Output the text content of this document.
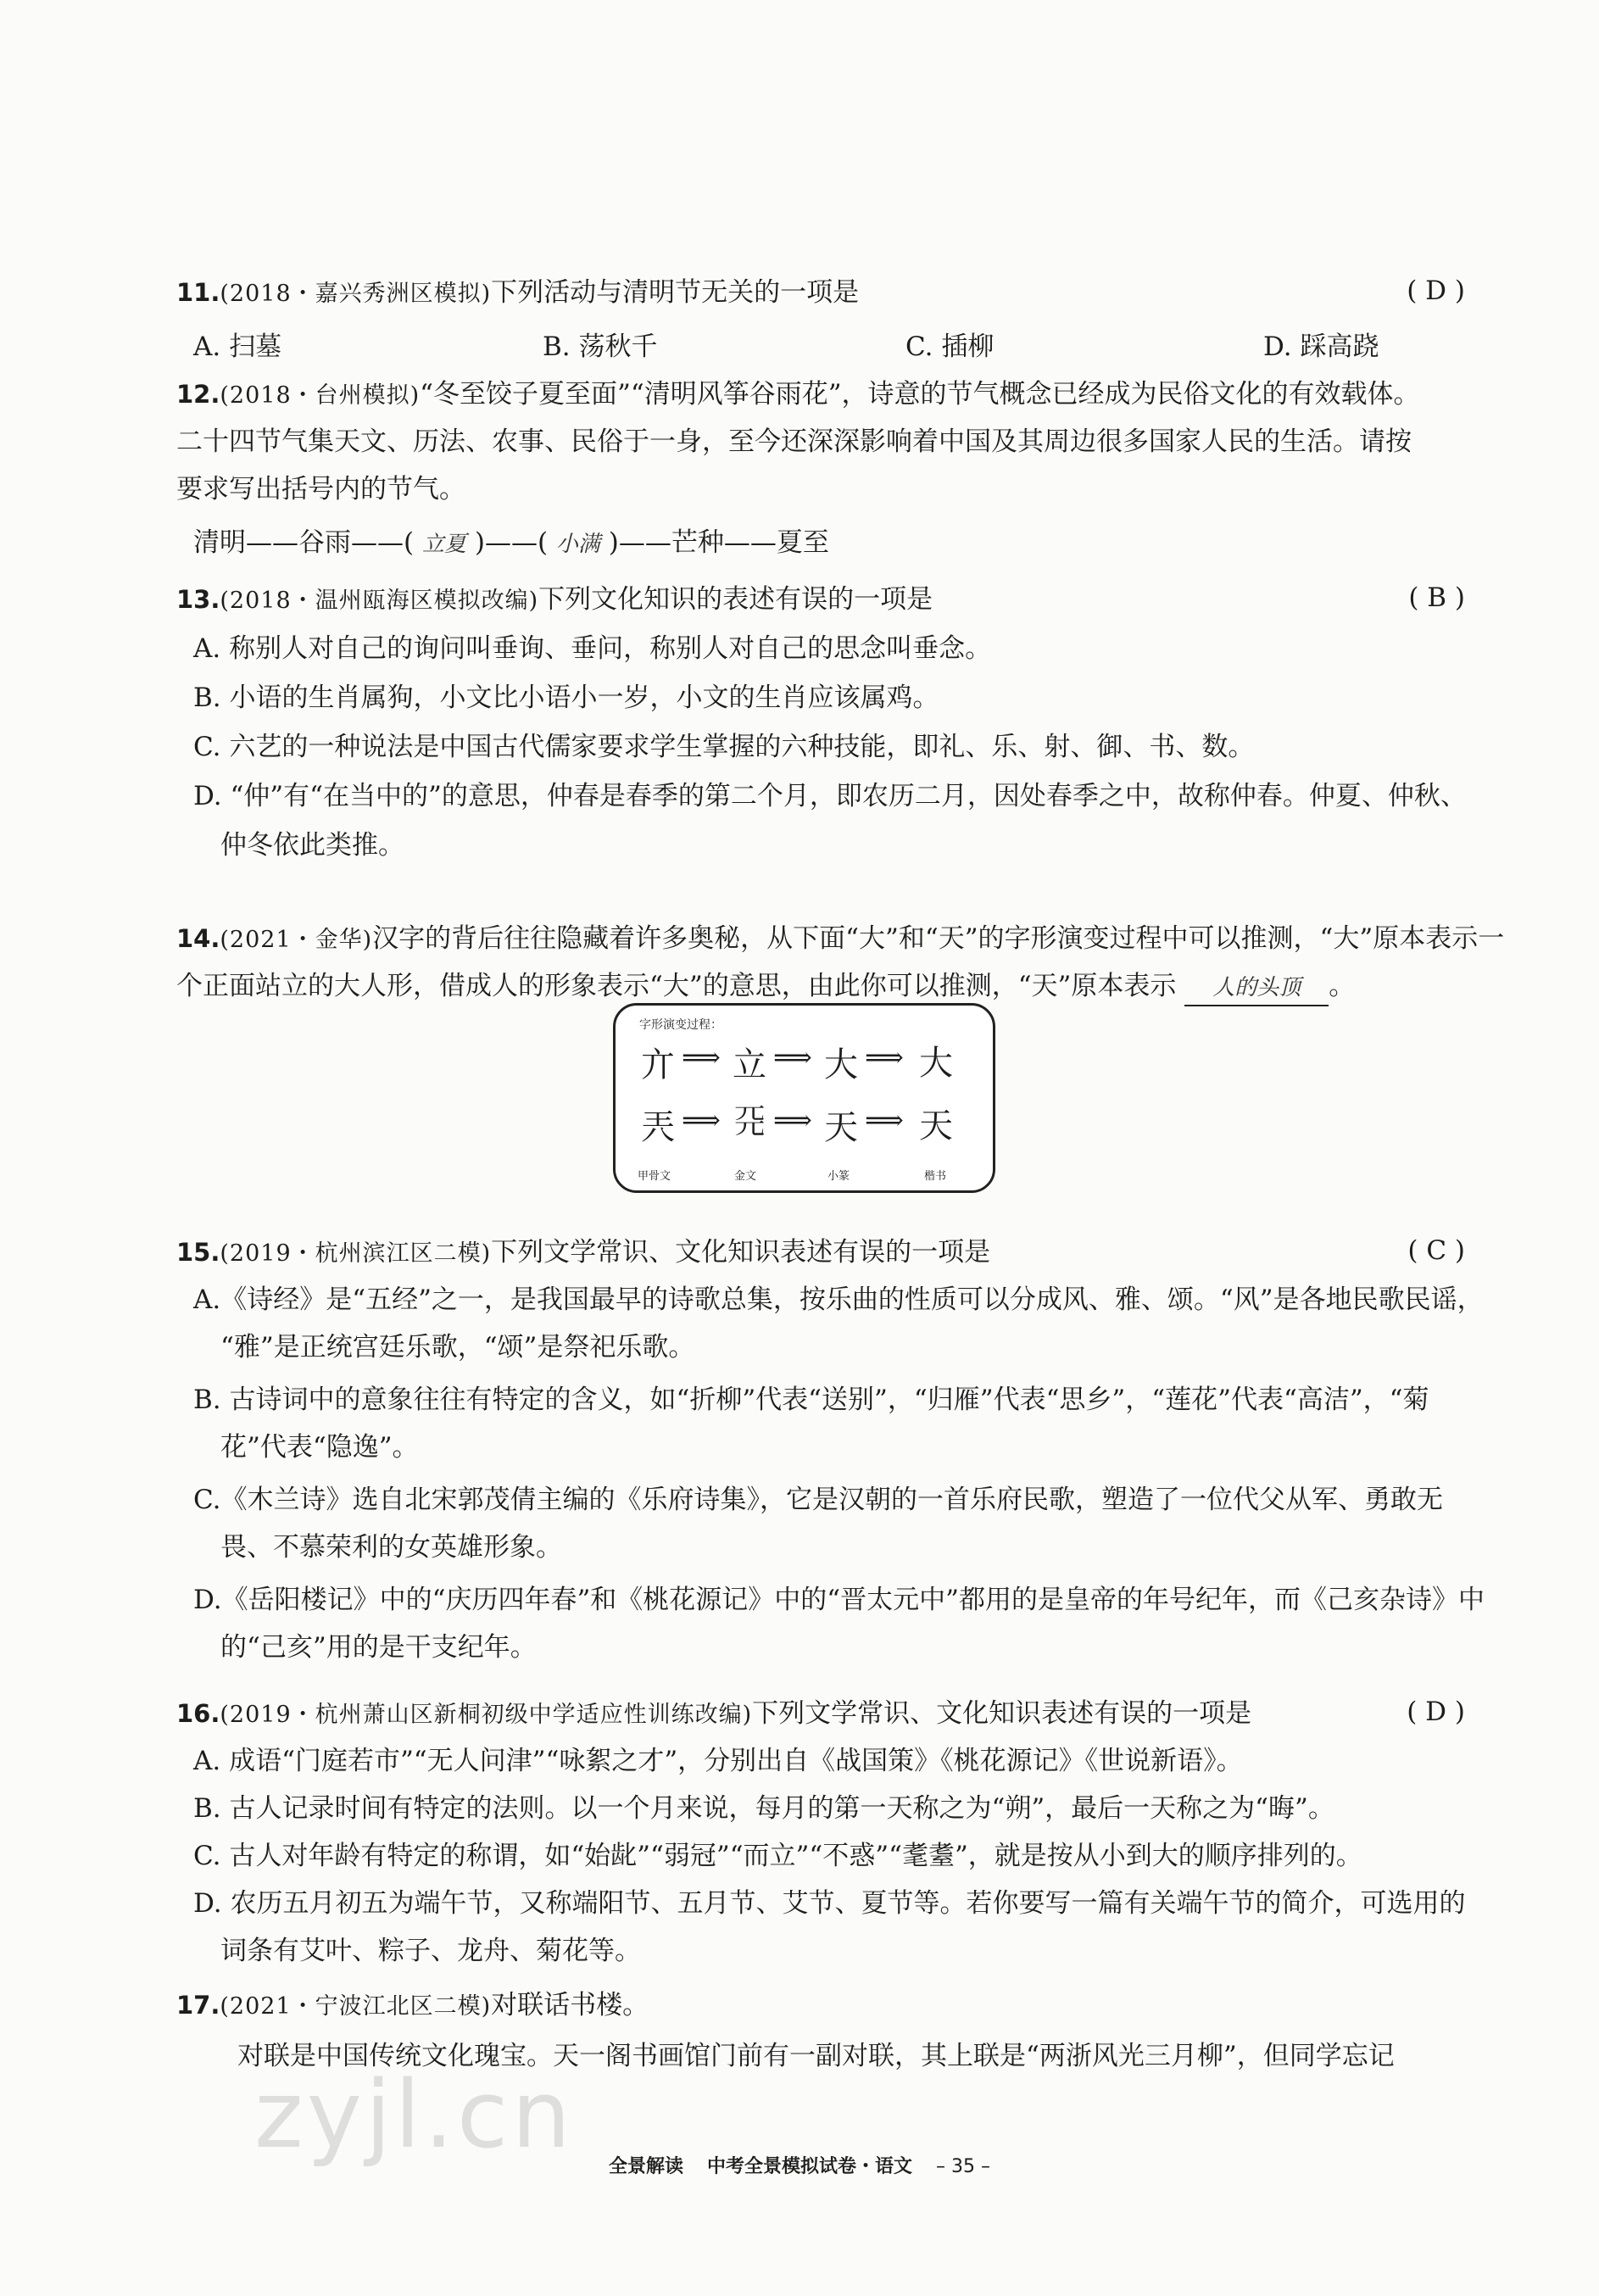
11.(2018・嘉兴秀洲区模拟)下列活动与清明节无关的一项是	( D )
A. 扫墓	B. 荡秋千	C. 插柳	D. 踩高跷
12.(2018・台州模拟)“冬至饺子夏至面”“清明风筝谷雨花”，诗意的节气概念已经成为民俗文化的有效载体。
二十四节气集天文、历法、农事、民俗于一身，至今还深深影响着中国及其周边很多国家人民的生活。请按
要求写出括号内的节气。
清明——谷雨——( 立夏 )——( 小满 )——芒种——夏至
13.(2018・温州瓯海区模拟改编)下列文化知识的表述有误的一项是	( B )
A. 称别人对自己的询问叫垂询、垂问，称别人对自己的思念叫垂念。
B. 小语的生肖属狗，小文比小语小一岁，小文的生肖应该属鸡。
C. 六艺的一种说法是中国古代儒家要求学生掌握的六种技能，即礼、乐、射、御、书、数。
D. “仲”有“在当中的”的意思，仲春是春季的第二个月，即农历二月，因处春季之中，故称仲春。仲夏、仲秋、
仲冬依此类推。
14.(2021・金华)汉字的背后往往隐藏着许多奥秘，从下面“大”和“天”的字形演变过程中可以推测，“大”原本表示一
个正面站立的大人形，借成人的形象表示“大”的意思，由此你可以推测，“天”原本表示 人的头顶 。
字形演变过程：
亣 ⟹ ⽴ ⟹ 大 ⟹ 大
兲 ⟹ 𠀘 ⟹ 天 ⟹ 天
甲骨文	金文	小篆	楷书
15.(2019・杭州滨江区二模)下列文学常识、文化知识表述有误的一项是	( C )
A.《诗经》是“五经”之一，是我国最早的诗歌总集，按乐曲的性质可以分成风、雅、颂。“风”是各地民歌民谣，
“雅”是正统宫廷乐歌，“颂”是祭祀乐歌。
B. 古诗词中的意象往往有特定的含义，如“折柳”代表“送别”，“归雁”代表“思乡”，“莲花”代表“高洁”，“菊
花”代表“隐逸”。
C.《木兰诗》选自北宋郭茂倩主编的《乐府诗集》，它是汉朝的一首乐府民歌，塑造了一位代父从军、勇敢无
畏、不慕荣利的女英雄形象。
D.《岳阳楼记》中的“庆历四年春”和《桃花源记》中的“晋太元中”都用的是皇帝的年号纪年，而《己亥杂诗》中
的“己亥”用的是干支纪年。
16.(2019・杭州萧山区新桐初级中学适应性训练改编)下列文学常识、文化知识表述有误的一项是	( D )
A. 成语“门庭若市”“无人问津”“咏絮之才”，分别出自《战国策》《桃花源记》《世说新语》。
B. 古人记录时间有特定的法则。以一个月来说，每月的第一天称之为“朔”，最后一天称之为“晦”。
C. 古人对年龄有特定的称谓，如“始龀”“弱冠”“而立”“不惑”“耄耋”，就是按从小到大的顺序排列的。
D. 农历五月初五为端午节，又称端阳节、五月节、艾节、夏节等。若你要写一篇有关端午节的简介，可选用的
词条有艾叶、粽子、龙舟、菊花等。
17.(2021・宁波江北区二模)对联话书楼。
对联是中国传统文化瑰宝。天一阁书画馆门前有一副对联，其上联是“两浙风光三月柳”，但同学忘记
zyjl.cn	全景解读 中考全景模拟试卷・语文 – 35 –
